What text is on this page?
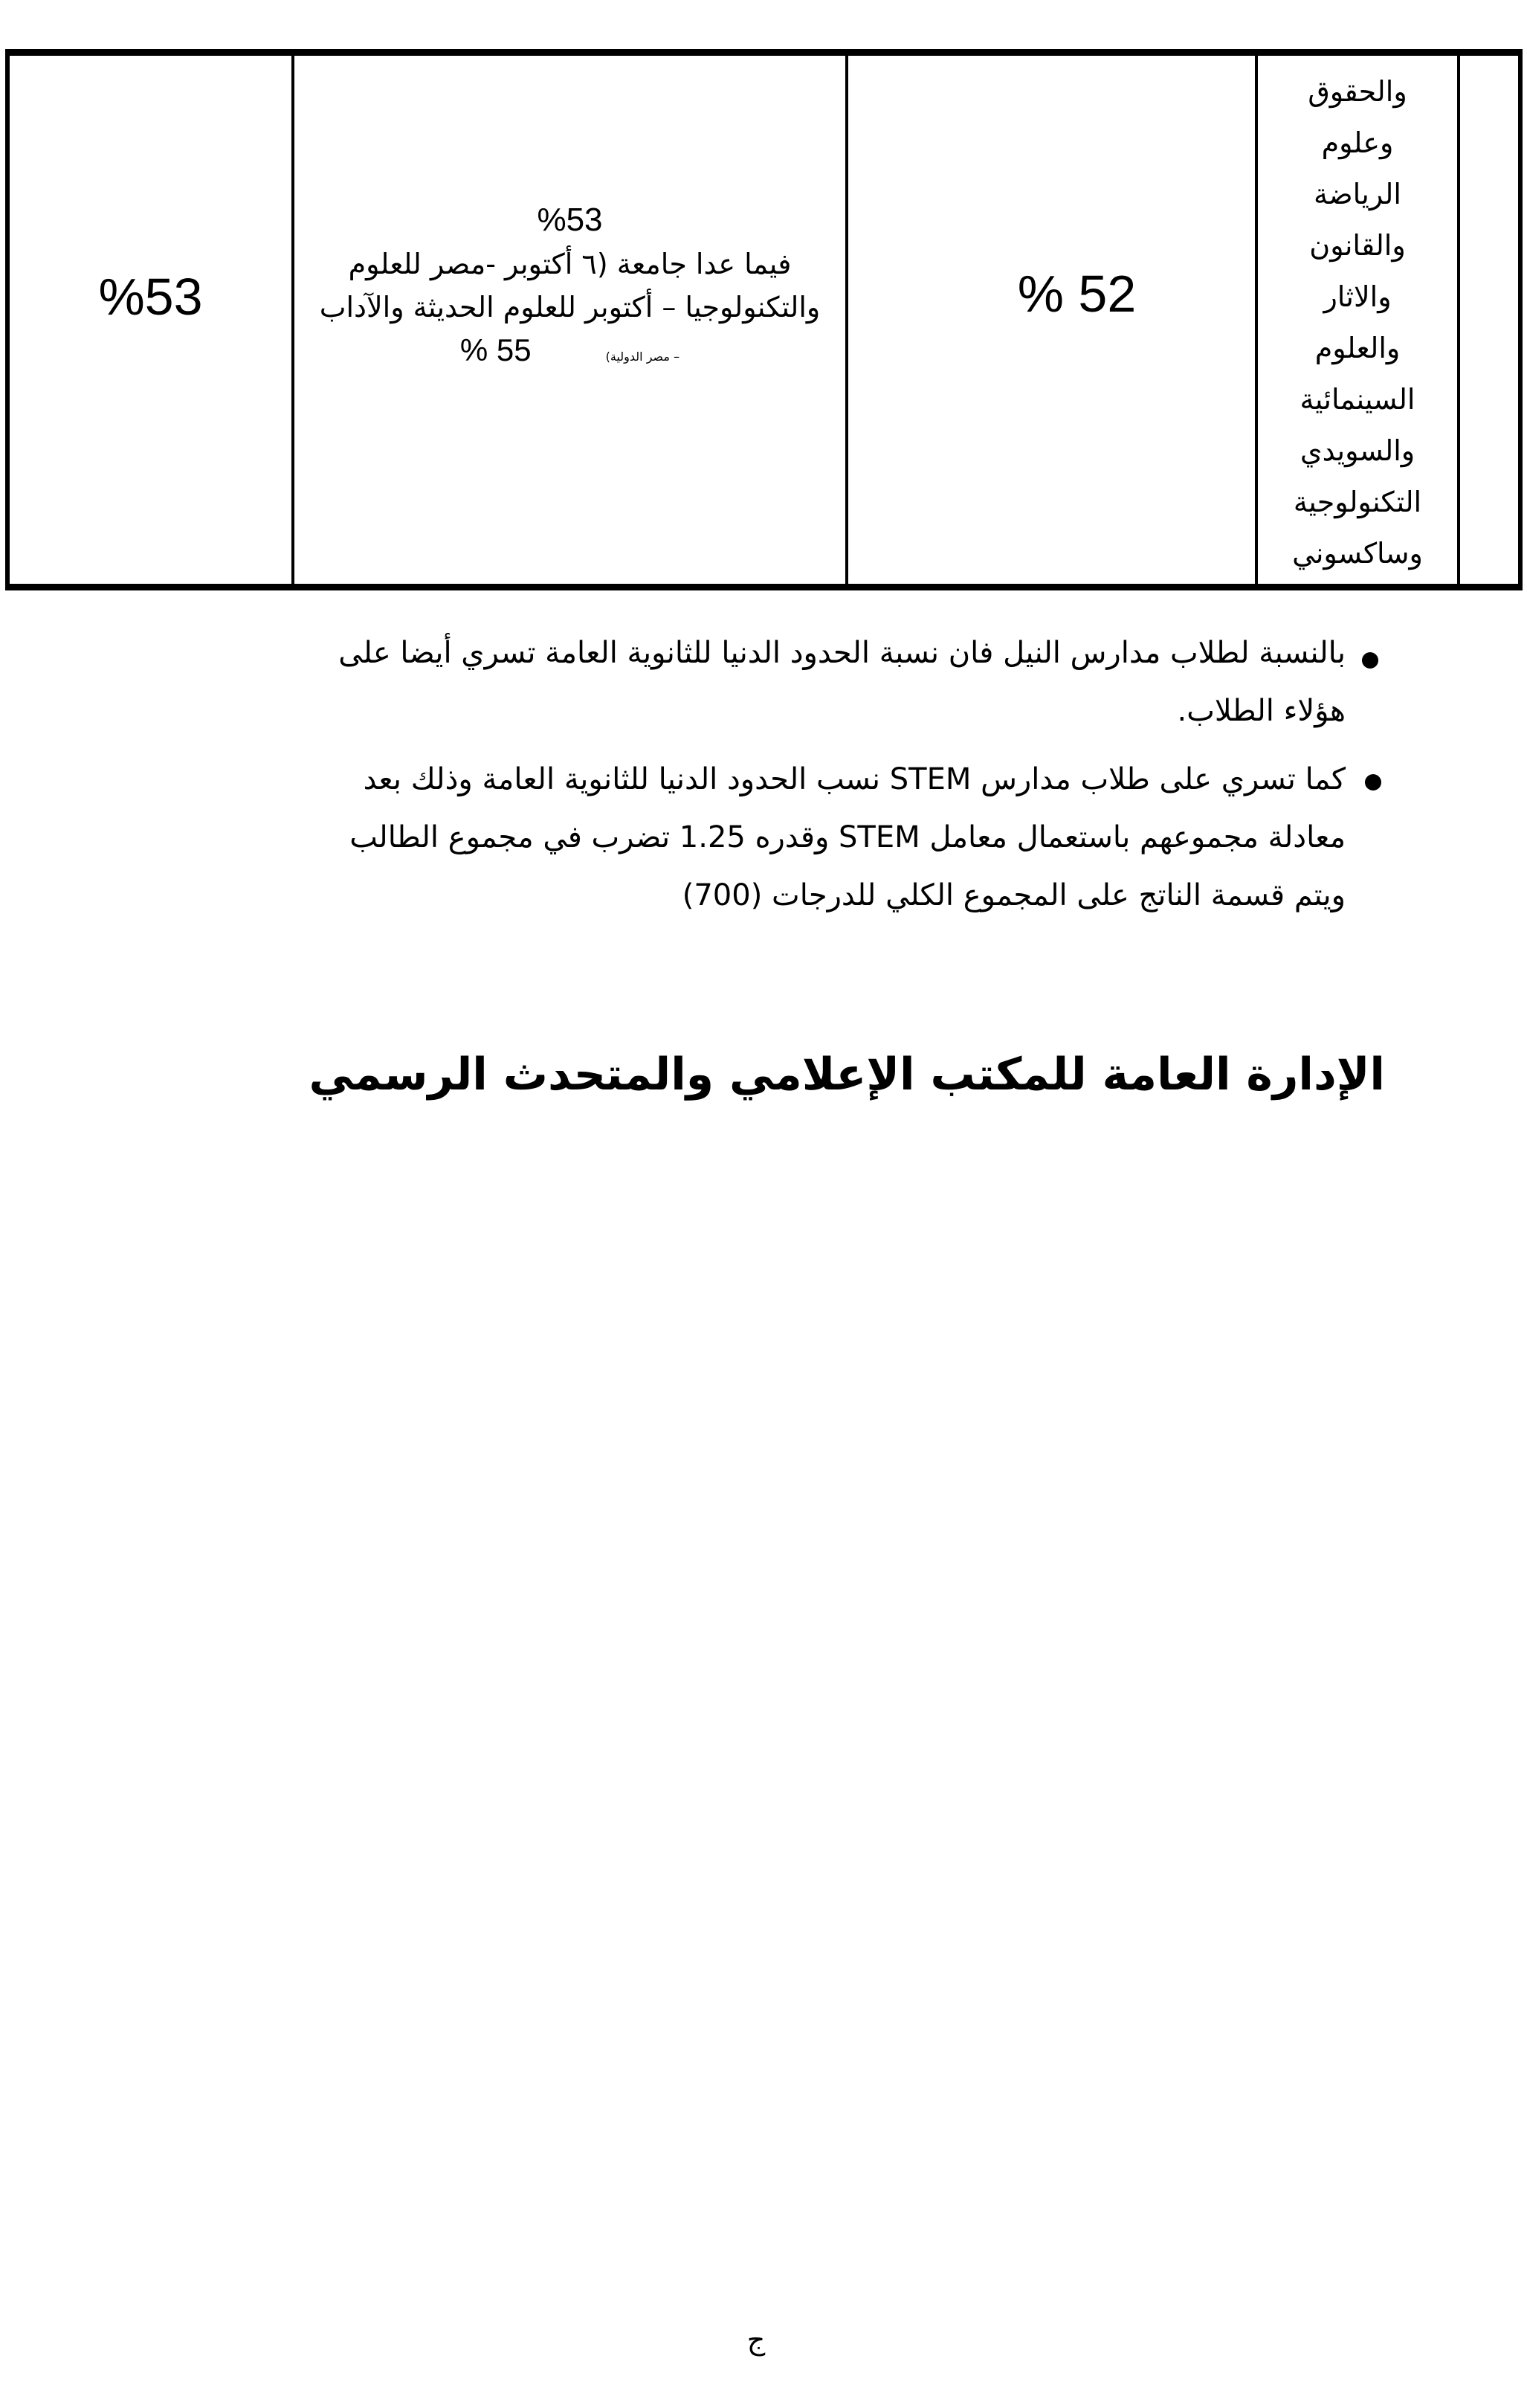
%53
%53
فيما عدا جامعة (٦ أكتوبر -مصر للعلوم
والتكنولوجيا – أكتوبر للعلوم الحديثة والآداب
– مصر الدولية)
% 55
% 52
والحقوق
وعلوم
الرياضة
والقانون
والاثار
والعلوم
السينمائية
والسويدي
التكنولوجية
وساكسوني
بالنسبة لطلاب مدارس النيل فان نسبة الحدود الدنيا للثانوية العامة تسري أيضا على
هؤلاء الطلاب.
كما تسري على طلاب مدارس STEM نسب الحدود الدنيا للثانوية العامة وذلك بعد
معادلة مجموعهم باستعمال معامل STEM وقدره 1.25 تضرب في مجموع الطالب
ويتم قسمة الناتج على المجموع الكلي للدرجات (700)
الإدارة العامة للمكتب الإعلامي والمتحدث الرسمي
ج
